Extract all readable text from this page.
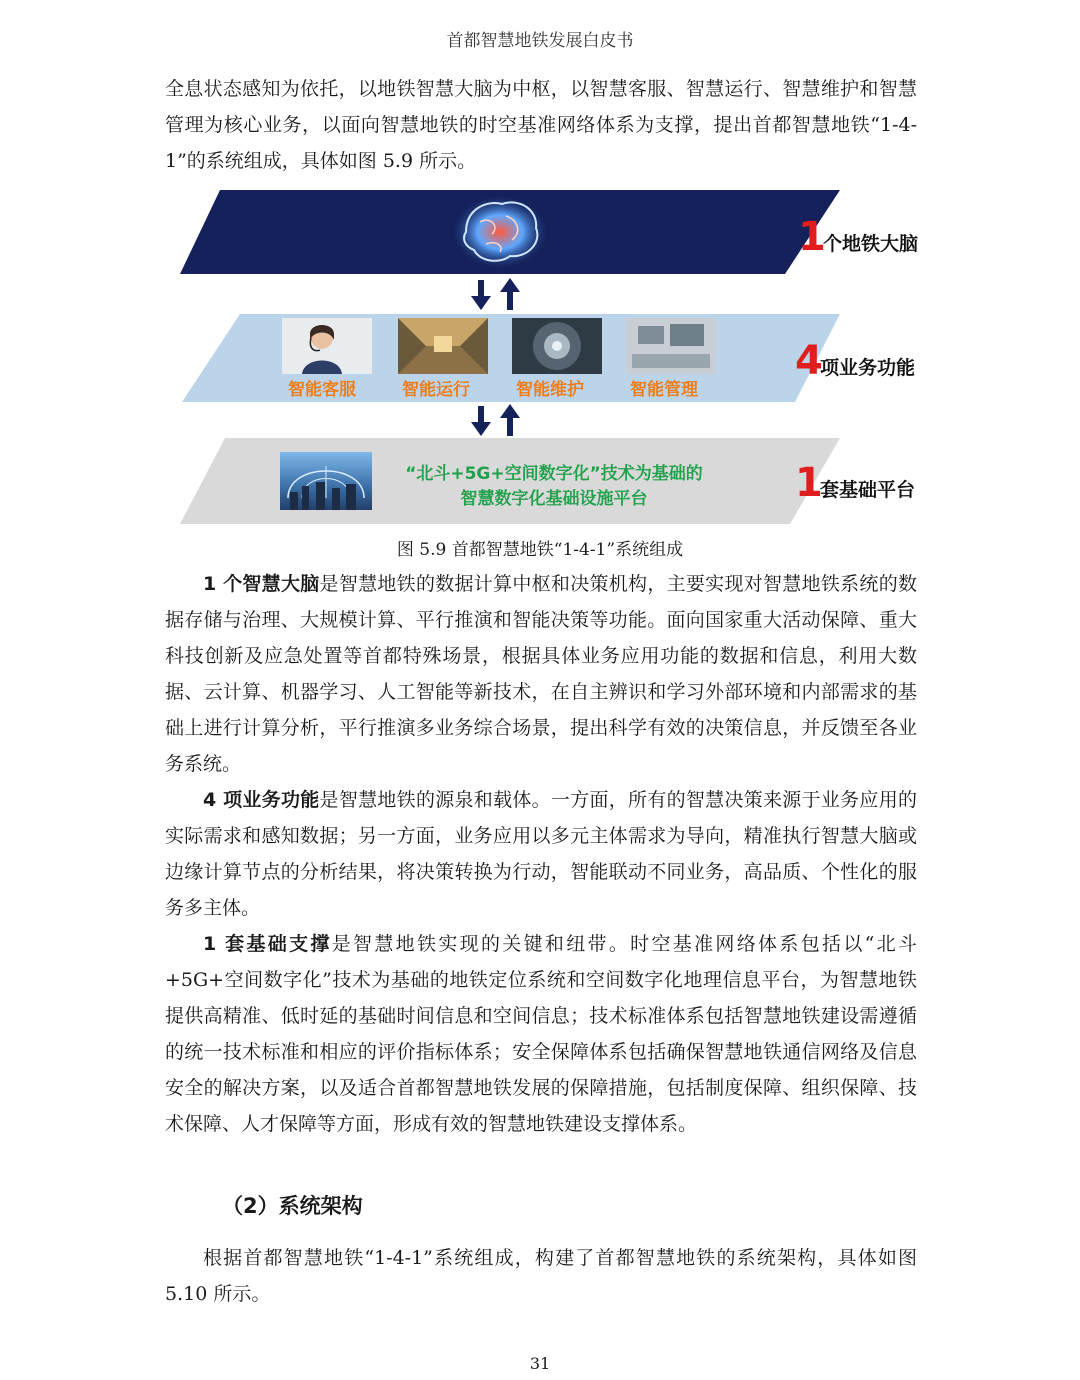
首都智慧地铁发展白皮书

全息状态感知为依托，以地铁智慧大脑为中枢，以智慧客服、智慧运行、智慧维护和智慧管理为核心业务，以面向智慧地铁的时空基准网络体系为支撑，提出首都智慧地铁“1-4-1”的系统组成，具体如图 5.9 所示。

1
个地铁大脑
智能客服	智能运行	智能维护	智能管理
4
项业务功能
“北斗+5G+空间数字化”技术为基础的
智慧数字化基础设施平台	1
套基础平台
图 5.9 首都智慧地铁“1-4-1”系统组成

1 个智慧大脑是智慧地铁的数据计算中枢和决策机构，主要实现对智慧地铁系统的数据存储与治理、大规模计算、平行推演和智能决策等功能。面向国家重大活动保障、重大科技创新及应急处置等首都特殊场景，根据具体业务应用功能的数据和信息，利用大数据、云计算、机器学习、人工智能等新技术，在自主辨识和学习外部环境和内部需求的基础上进行计算分析，平行推演多业务综合场景，提出科学有效的决策信息，并反馈至各业务系统。

4 项业务功能是智慧地铁的源泉和载体。一方面，所有的智慧决策来源于业务应用的实际需求和感知数据；另一方面，业务应用以多元主体需求为导向，精准执行智慧大脑或边缘计算节点的分析结果，将决策转换为行动，智能联动不同业务，高品质、个性化的服务多主体。

1 套基础支撑是智慧地铁实现的关键和纽带。时空基准网络体系包括以“北斗+5G+空间数字化”技术为基础的地铁定位系统和空间数字化地理信息平台，为智慧地铁提供高精准、低时延的基础时间信息和空间信息；技术标准体系包括智慧地铁建设需遵循的统一技术标准和相应的评价指标体系；安全保障体系包括确保智慧地铁通信网络及信息安全的解决方案，以及适合首都智慧地铁发展的保障措施，包括制度保障、组织保障、技术保障、人才保障等方面，形成有效的智慧地铁建设支撑体系。

（2）系统架构

根据首都智慧地铁“1-4-1”系统组成，构建了首都智慧地铁的系统架构，具体如图 5.10 所示。

31
